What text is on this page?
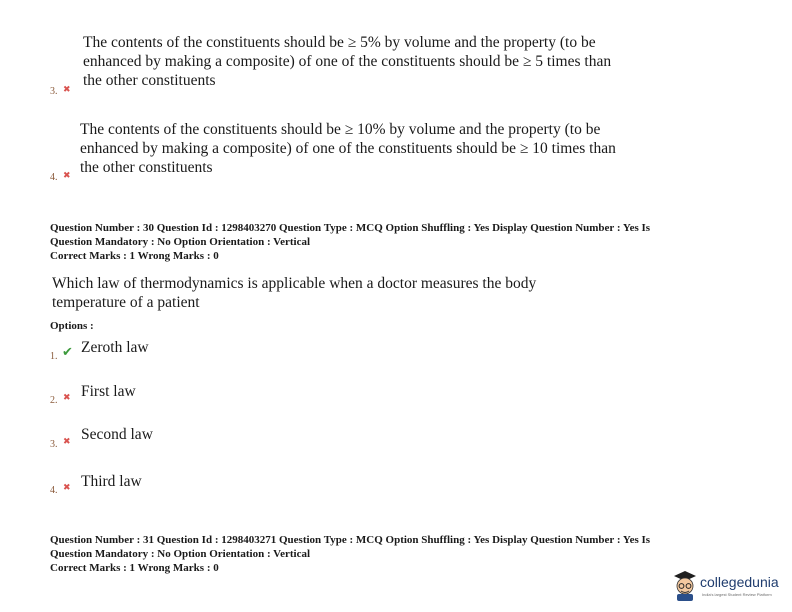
The contents of the constituents should be ≥ 5% by volume and the property (to be enhanced by making a composite) of one of the constituents should be ≥ 5 times than the other constituents
3. ✖
The contents of the constituents should be ≥ 10% by volume and the property (to be enhanced by making a composite) of one of the constituents should be ≥ 10 times than the other constituents
4. ✖
Question Number : 30 Question Id : 1298403270 Question Type : MCQ Option Shuffling : Yes Display Question Number : Yes Is
Question Mandatory : No Option Orientation : Vertical
Correct Marks : 1 Wrong Marks : 0
Which law of thermodynamics is applicable when a doctor measures the body temperature of a patient
Options :
1. ✔ Zeroth law
2. ✖ First law
3. ✖ Second law
4. ✖ Third law
Question Number : 31 Question Id : 1298403271 Question Type : MCQ Option Shuffling : Yes Display Question Number : Yes Is
Question Mandatory : No Option Orientation : Vertical
Correct Marks : 1 Wrong Marks : 0
collegedunia
India's largest Student Review Platform
